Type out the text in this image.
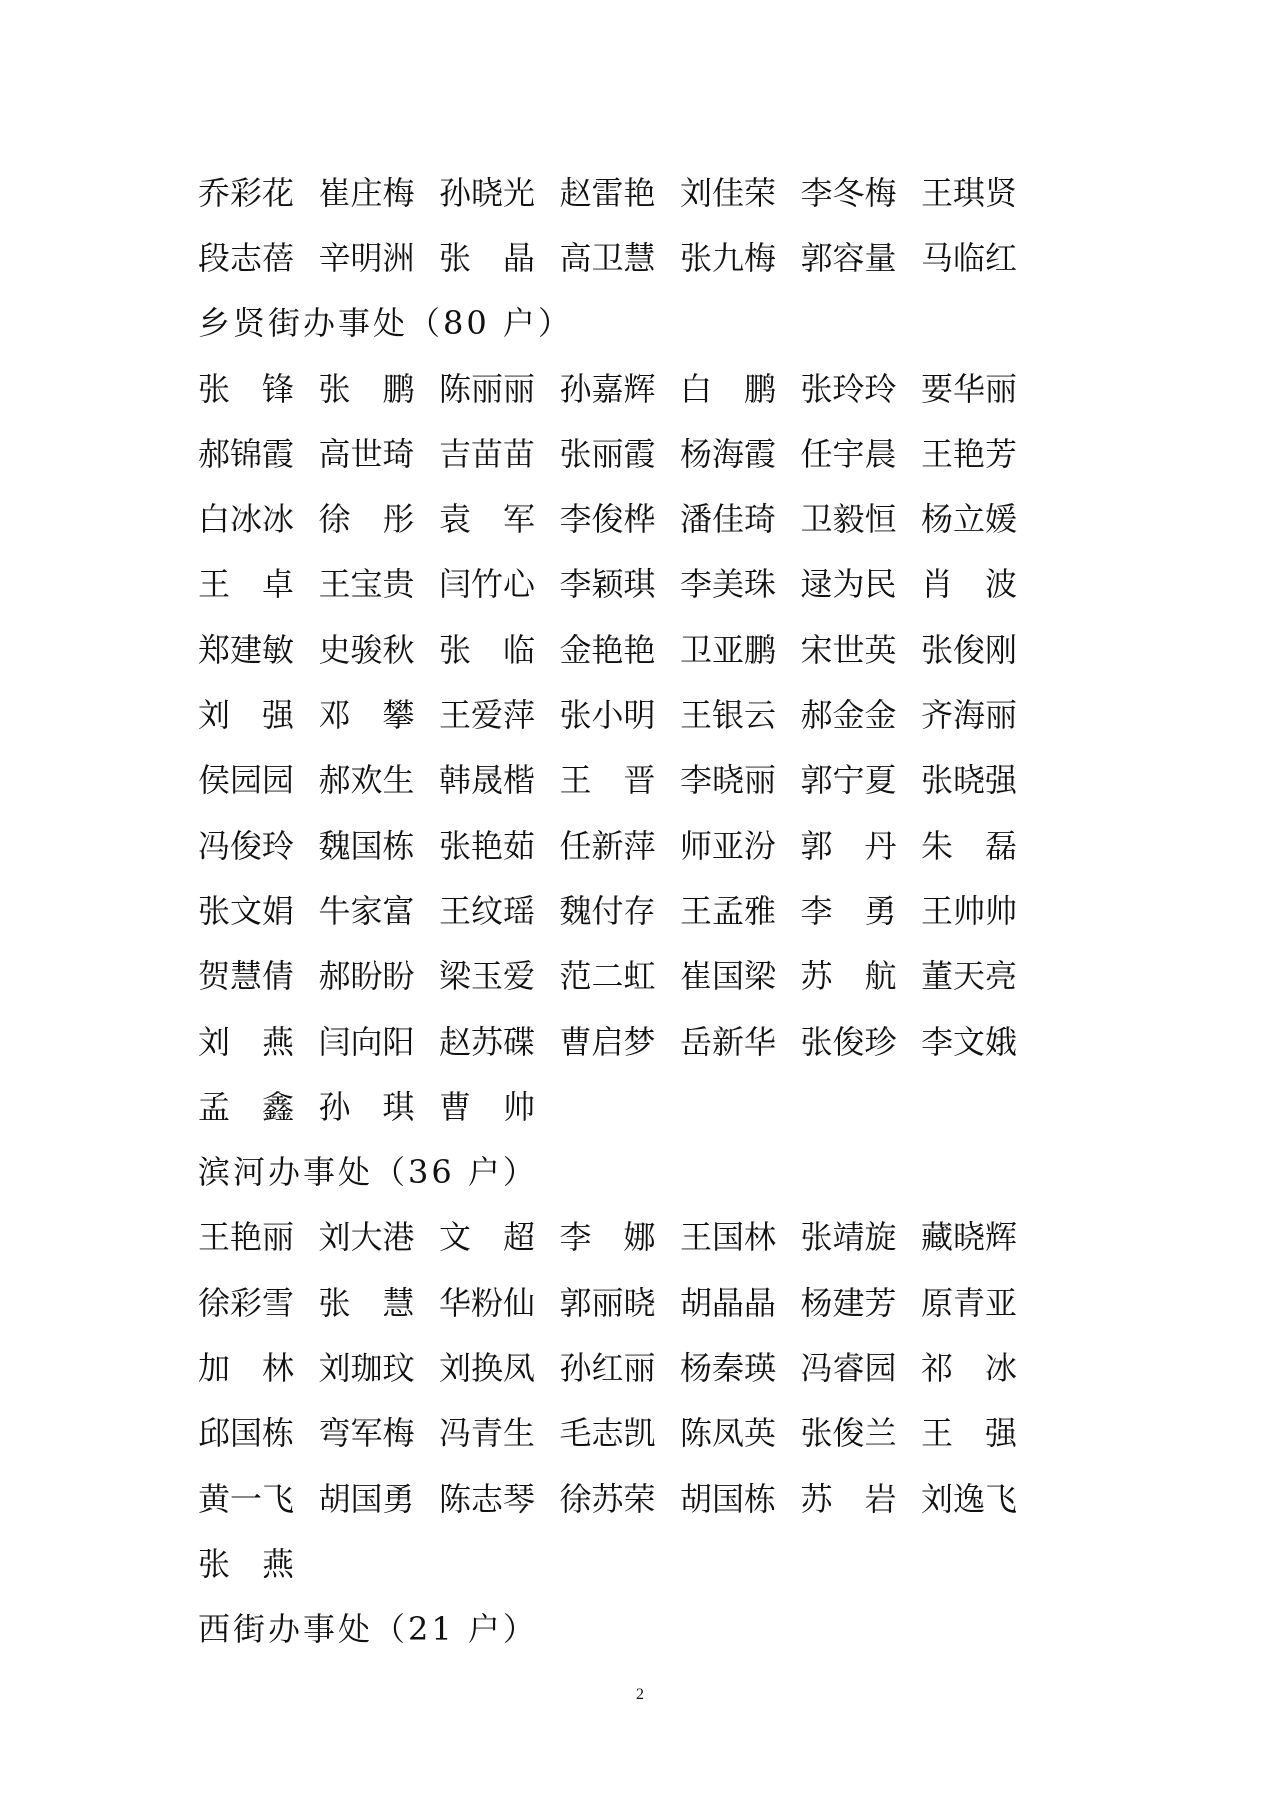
乔 彩 花 崔 庄 梅 孙 晓 光 赵 雷 艳 刘 佳 荣 李 冬 梅 王 琪 贤
段 志 蓓 辛 明 洲 张 晶 高 卫 慧 张 九 梅 郭 容 量 马 临 红
乡贤街办事处（80 户）
张 锋 张 鹏 陈 丽 丽 孙 嘉 辉 白 鹏 张 玲 玲 要 华 丽
郝 锦 霞 高 世 琦 吉 苗 苗 张 丽 霞 杨 海 霞 任 宇 晨 王 艳 芳
白 冰 冰 徐 彤 袁 军 李 俊 桦 潘 佳 琦 卫 毅 恒 杨 立 媛
王 卓 王 宝 贵 闫 竹 心 李 颖 琪 李 美 珠 逯 为 民 肖 波
郑 建 敏 史 骏 秋 张 临 金 艳 艳 卫 亚 鹏 宋 世 英 张 俊 刚
刘 强 邓 攀 王 爱 萍 张 小 明 王 银 云 郝 金 金 齐 海 丽
侯 园 园 郝 欢 生 韩 晟 楷 王 晋 李 晓 丽 郭 宁 夏 张 晓 强
冯 俊 玲 魏 国 栋 张 艳 茹 任 新 萍 师 亚 汾 郭 丹 朱 磊
张 文 娟 牛 家 富 王 纹 瑶 魏 付 存 王 孟 雅 李 勇 王 帅 帅
贺 慧 倩 郝 盼 盼 梁 玉 爱 范 二 虹 崔 国 梁 苏 航 董 天 亮
刘 燕 闫 向 阳 赵 苏 碟 曹 启 梦 岳 新 华 张 俊 珍 李 文 娥
孟 鑫 孙 琪 曹 帅
滨河办事处（36 户）
王 艳 丽 刘 大 港 文 超 李 娜 王 国 林 张 靖 旋 藏 晓 辉
徐 彩 雪 张 慧 华 粉 仙 郭 丽 晓 胡 晶 晶 杨 建 芳 原 青 亚
加 林 刘 珈 玟 刘 换 凤 孙 红 丽 杨 秦 瑛 冯 睿 园 祁 冰
邱 国 栋 弯 军 梅 冯 青 生 毛 志 凯 陈 凤 英 张 俊 兰 王 强
黄 一 飞 胡 国 勇 陈 志 琴 徐 苏 荣 胡 国 栋 苏 岩 刘 逸 飞
张 燕
西街办事处（21 户）
2
